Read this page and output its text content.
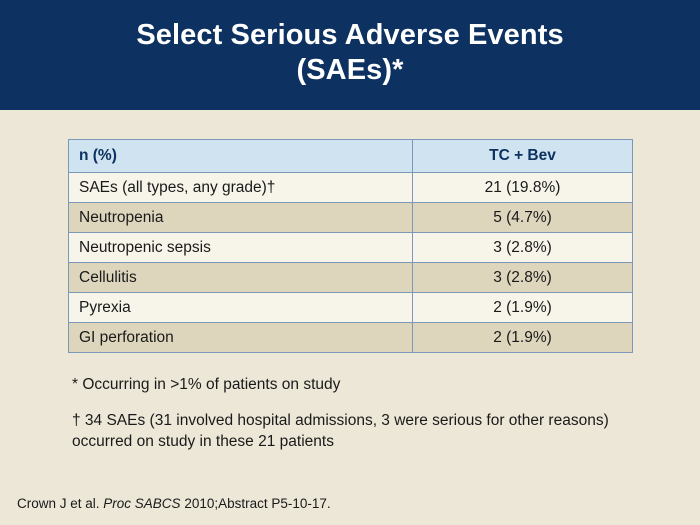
Select Serious Adverse Events
(SAEs)*
n (%)	TC + Bev
SAEs (all types, any grade)†	21 (19.8%)
Neutropenia	5 (4.7%)
Neutropenic sepsis	3 (2.8%)
Cellulitis	3 (2.8%)
Pyrexia	2 (1.9%)
GI perforation	2 (1.9%)
* Occurring in >1% of patients on study
† 34 SAEs (31 involved hospital admissions, 3 were serious for other reasons) occurred on study in these 21 patients
Crown J et al. Proc SABCS 2010;Abstract P5-10-17.
